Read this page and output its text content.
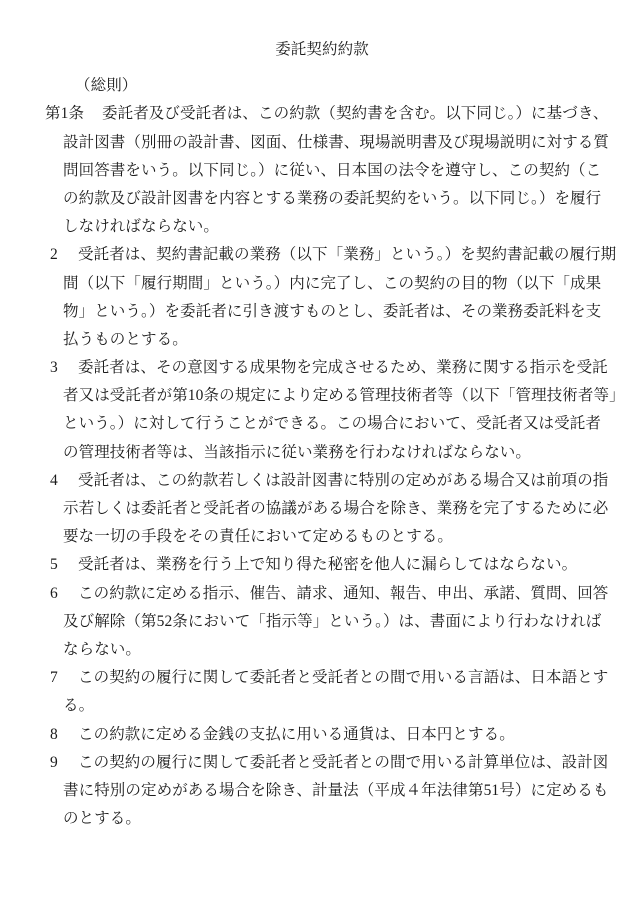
委託契約約款
（総則）
第1条 委託者及び受託者は、この約款（契約書を含む。以下同じ。）に基づき、
設計図書（別冊の設計書、図面、仕様書、現場説明書及び現場説明に対する質
問回答書をいう。以下同じ。）に従い、日本国の法令を遵守し、この契約（こ
の約款及び設計図書を内容とする業務の委託契約をいう。以下同じ。）を履行
しなければならない。
2 受託者は、契約書記載の業務（以下「業務」という。）を契約書記載の履行期
間（以下「履行期間」という。）内に完了し、この契約の目的物（以下「成果
物」という。）を委託者に引き渡すものとし、委託者は、その業務委託料を支
払うものとする。
3 委託者は、その意図する成果物を完成させるため、業務に関する指示を受託
者又は受託者が第10条の規定により定める管理技術者等（以下「管理技術者等」
という。）に対して行うことができる。この場合において、受託者又は受託者
の管理技術者等は、当該指示に従い業務を行わなければならない。
4 受託者は、この約款若しくは設計図書に特別の定めがある場合又は前項の指
示若しくは委託者と受託者の協議がある場合を除き、業務を完了するために必
要な一切の手段をその責任において定めるものとする。
5 受託者は、業務を行う上で知り得た秘密を他人に漏らしてはならない。
6 この約款に定める指示、催告、請求、通知、報告、申出、承諾、質問、回答
及び解除（第52条において「指示等」という。）は、書面により行わなければ
ならない。
7 この契約の履行に関して委託者と受託者との間で用いる言語は、日本語とす
る。
8 この約款に定める金銭の支払に用いる通貨は、日本円とする。
9 この契約の履行に関して委託者と受託者との間で用いる計算単位は、設計図
書に特別の定めがある場合を除き、計量法（平成４年法律第51号）に定めるも
のとする。
